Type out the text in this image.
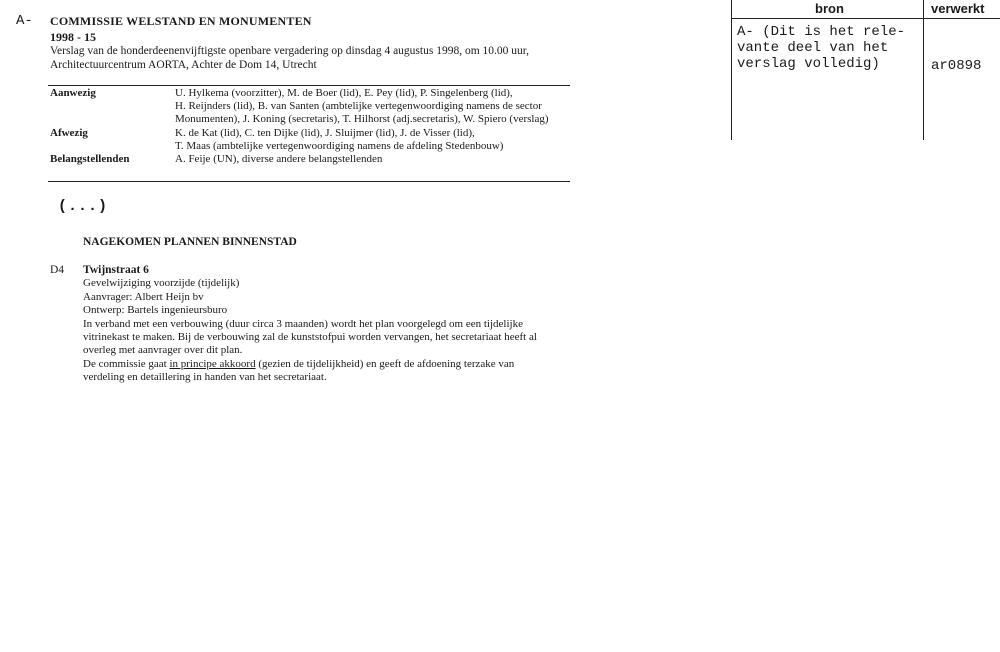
A- COMMISSIE WELSTAND EN MONUMENTEN
1998 - 15
Verslag van de honderdeenenvijftigste openbare vergadering op dinsdag 4 augustus 1998, om 10.00 uur,
Architectuurcentrum AORTA, Achter de Dom 14, Utrecht
Aanwezig	U. Hylkema (voorzitter), M. de Boer (lid), E. Pey (lid), P. Singelenberg (lid),
H. Reijnders (lid), B. van Santen (ambtelijke vertegenwoordiging namens de sector
Monumenten), J. Koning (secretaris), T. Hilhorst (adj.secretaris), W. Spiero (verslag)
Afwezig	K. de Kat (lid), C. ten Dijke (lid), J. Sluijmer (lid), J. de Visser (lid),
T. Maas (ambtelijke vertegenwoordiging namens de afdeling Stedenbouw)
Belangstellenden	A. Feije (UN), diverse andere belangstellenden
(...)
NAGEKOMEN PLANNEN BINNENSTAD
D4 Twijnstraat 6
Gevelwijziging voorzijde (tijdelijk)
Aanvrager: Albert Heijn bv
Ontwerp: Bartels ingenieursburo
In verband met een verbouwing (duur circa 3 maanden) wordt het plan voorgelegd om een tijdelijke
vitrinekast te maken. Bij de verbouwing zal de kunststofpui worden vervangen, het secretariaat heeft al
overleg met aanvrager over dit plan.
De commissie gaat in principe akkoord (gezien de tijdelijkheid) en geeft de afdoening terzake van
verdeling en detaillering in handen van het secretariaat.
bron	verwerkt
A- (Dit is het rele-
vante deel van het
verslag volledig)	ar0898
